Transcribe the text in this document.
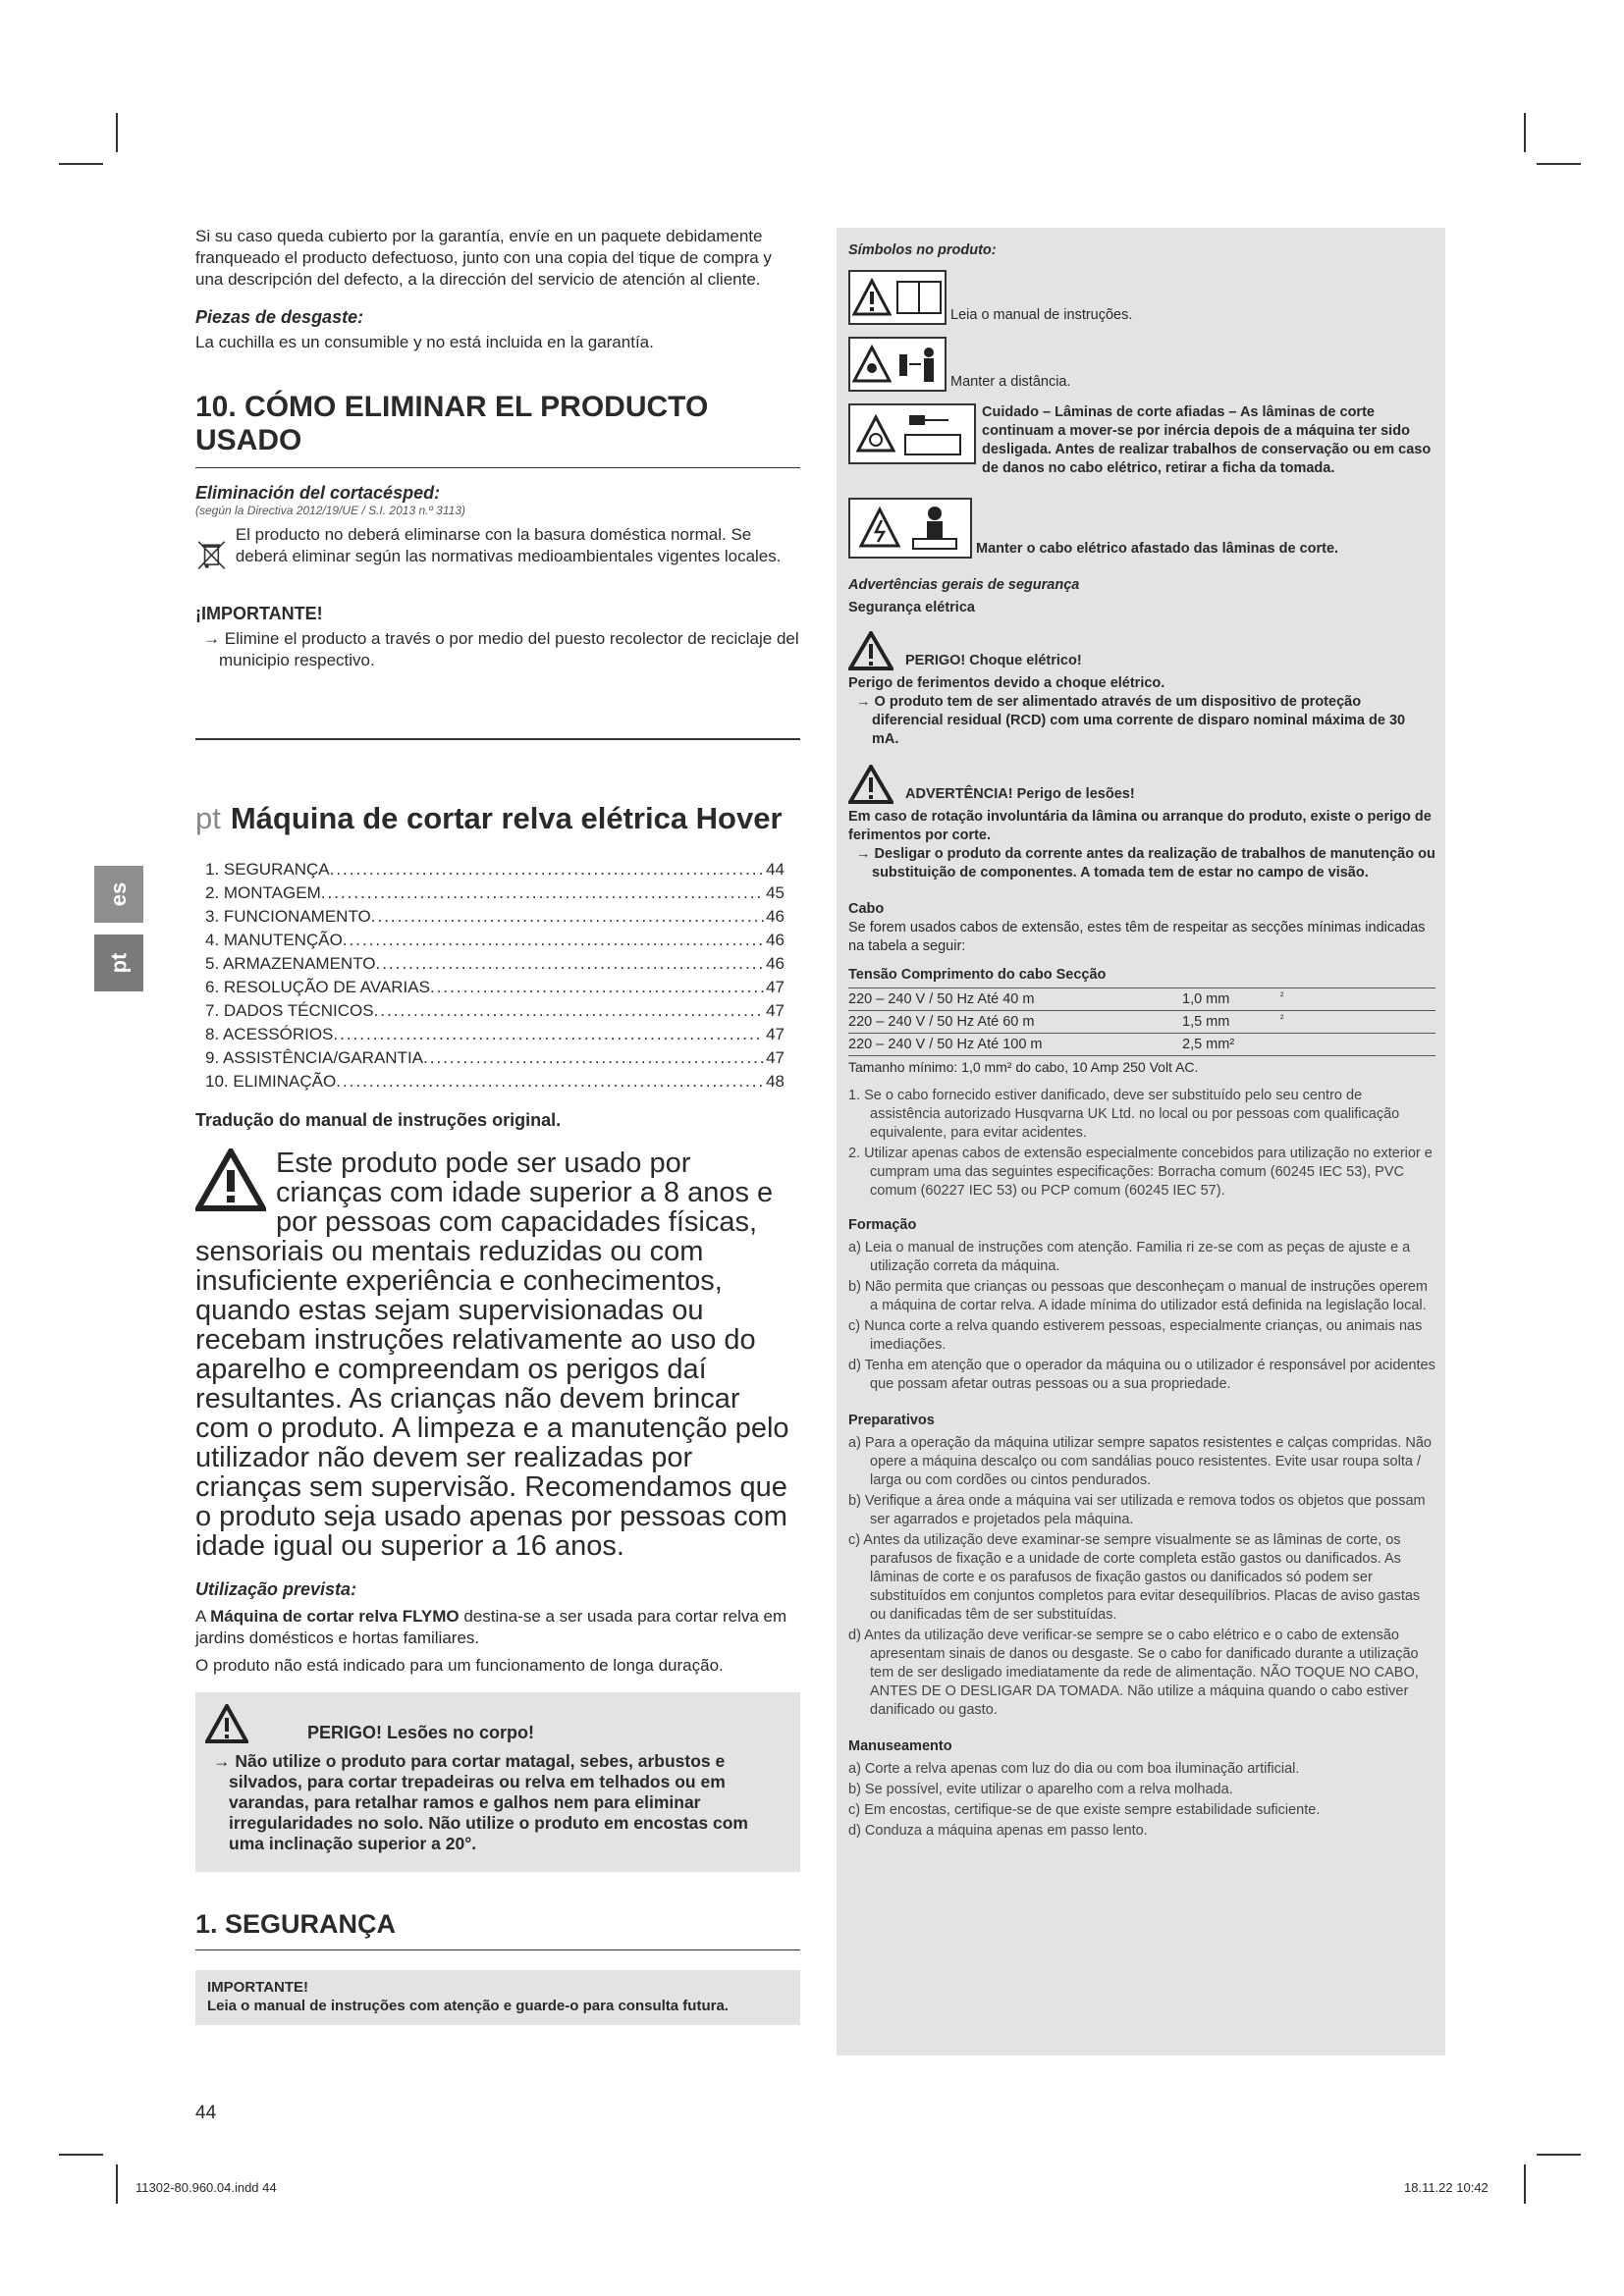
es
pt

Si su caso queda cubierto por la garantía, envíe en un paquete debidamente franqueado el producto defectuoso, junto con una copia del tique de compra y una descripción del defecto, a la dirección del servicio de atención al cliente.

Piezas de desgaste:

La cuchilla es un consumible y no está incluida en la garantía.

10. CÓMO ELIMINAR EL PRODUCTO USADO

Eliminación del cortacésped:

(según la Directiva 2012/19/UE / S.I. 2013 n.º 3113)

El producto no deberá eliminarse con la basura doméstica normal. Se deberá eliminar según las normativas medioambientales vigentes locales.

¡IMPORTANTE!

→ Elimine el producto a través o por medio del puesto recolector de reciclaje del municipio respectivo.

pt Máquina de cortar relva elétrica Hover
1. SEGURANÇA .....	44
2. MONTAGEM .....	45
3. FUNCIONAMENTO .....	46
4. MANUTENÇÃO .....	46
5. ARMAZENAMENTO .....	46
6. RESOLUÇÃO DE AVARIAS .....	47
7. DADOS TÉCNICOS .....	47
8. ACESSÓRIOS .....	47
9. ASSISTÊNCIA/GARANTIA .....	47
10. ELIMINAÇÃO .....	48

Tradução do manual de instruções original.

Este produto pode ser usado por crianças com idade superior a 8 anos e por pessoas com capacidades físicas, sensoriais ou mentais reduzidas ou com insuficiente experiência e conhecimentos, quando estas sejam supervisionadas ou recebam instruções relativamente ao uso do aparelho e compreendam os perigos daí resultantes. As crianças não devem brincar com o produto. A limpeza e a manutenção pelo utilizador não devem ser realizadas por crianças sem supervisão. Recomendamos que o produto seja usado apenas por pessoas com idade igual ou superior a 16 anos.

Utilização prevista:

A Máquina de cortar relva FLYMO destina-se a ser usada para cortar relva em jardins domésticos e hortas familiares.

O produto não está indicado para um funcionamento de longa duração.

PERIGO! Lesões no corpo!

→ Não utilize o produto para cortar matagal, sebes, arbustos e silvados, para cortar trepadeiras ou relva em telhados ou em varandas, para retalhar ramos e galhos nem para eliminar irregularidades no solo. Não utilize o produto em encostas com uma inclinação superior a 20°.

1. SEGURANÇA

IMPORTANTE!

Leia o manual de instruções com atenção e guarde-o para consulta futura.

44

Símbolos no produto:

Leia o manual de instruções.

Manter a distância.

Cuidado – Lâminas de corte afiadas – As lâminas de corte continuam a mover-se por inércia depois de a máquina ter sido desligada. Antes de realizar trabalhos de conservação ou em caso de danos no cabo elétrico, retirar a ficha da tomada.

Manter o cabo elétrico afastado das lâminas de corte.

Advertências gerais de segurança

Segurança elétrica

PERIGO! Choque elétrico!

Perigo de ferimentos devido a choque elétrico.

→ O produto tem de ser alimentado através de um dispositivo de proteção diferencial residual (RCD) com uma corrente de disparo nominal máxima de 30 mA.

ADVERTÊNCIA! Perigo de lesões!

Em caso de rotação involuntária da lâmina ou arranque do produto, existe o perigo de ferimentos por corte.

→ Desligar o produto da corrente antes da realização de trabalhos de manutenção ou substituição de componentes. A tomada tem de estar no campo de visão.

Cabo

Se forem usados cabos de extensão, estes têm de respeitar as secções mínimas indicadas na tabela a seguir:

Tensão Comprimento do cabo Secção

220 – 240 V / 50 Hz Até 40 m	1,0 mm	²
220 – 240 V / 50 Hz Até 60 m	1,5 mm	²
220 – 240 V / 50 Hz Até 100 m	2,5 mm²	

Tamanho mínimo: 1,0 mm² do cabo, 10 Amp 250 Volt AC.

1. Se o cabo fornecido estiver danificado, deve ser substituído pelo seu centro de assistência autorizado Husqvarna UK Ltd. no local ou por pessoas com qualificação equivalente, para evitar acidentes.
2. Utilizar apenas cabos de extensão especialmente concebidos para utilização no exterior e cumpram uma das seguintes especificações: Borracha comum (60245 IEC 53), PVC comum (60227 IEC 53) ou PCP comum (60245 IEC 57).

Formação

a) Leia o manual de instruções com atenção. Familia ri ze-se com as peças de ajuste e a utilização correta da máquina.
b) Não permita que crianças ou pessoas que desconheçam o manual de instruções operem a máquina de cortar relva. A idade mínima do utilizador está definida na legislação local.
c) Nunca corte a relva quando estiverem pessoas, especialmente crianças, ou animais nas imediações.
d) Tenha em atenção que o operador da máquina ou o utilizador é responsável por acidentes que possam afetar outras pessoas ou a sua propriedade.

Preparativos

a) Para a operação da máquina utilizar sempre sapatos resistentes e calças compridas. Não opere a máquina descalço ou com sandálias pouco resistentes. Evite usar roupa solta / larga ou com cordões ou cintos pendurados.
b) Verifique a área onde a máquina vai ser utilizada e remova todos os objetos que possam ser agarrados e projetados pela máquina.
c) Antes da utilização deve examinar-se sempre visualmente se as lâminas de corte, os parafusos de fixação e a unidade de corte completa estão gastos ou danificados. As lâminas de corte e os parafusos de fixação gastos ou danificados só podem ser substituídos em conjuntos completos para evitar desequilíbrios. Placas de aviso gastas ou danificadas têm de ser substituídas.
d) Antes da utilização deve verificar-se sempre se o cabo elétrico e o cabo de extensão apresentam sinais de danos ou desgaste. Se o cabo for danificado durante a utilização tem de ser desligado imediatamente da rede de alimentação. NÃO TOQUE NO CABO, ANTES DE O DESLIGAR DA TOMADA. Não utilize a máquina quando o cabo estiver danificado ou gasto.

Manuseamento

a) Corte a relva apenas com luz do dia ou com boa iluminação artificial.
b) Se possível, evite utilizar o aparelho com a relva molhada.
c) Em encostas, certifique-se de que existe sempre estabilidade suficiente.
d) Conduza a máquina apenas em passo lento.

11302-80.960.04.indd 44	18.11.22 10:42
